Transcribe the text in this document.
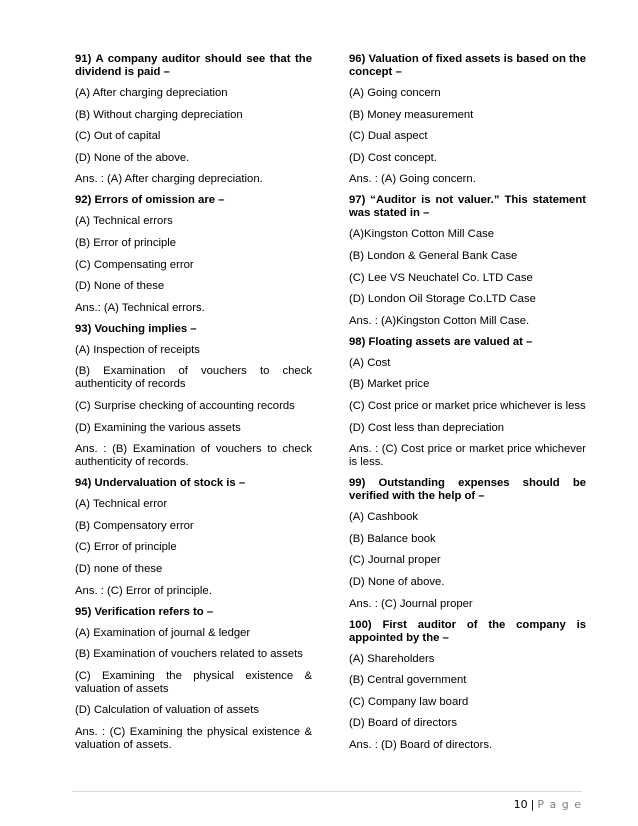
91) A company auditor should see that the dividend is paid –
(A) After charging depreciation
(B) Without charging depreciation
(C) Out of capital
(D) None of the above.
Ans. : (A) After charging depreciation.
92) Errors of omission are –
(A) Technical errors
(B) Error of principle
(C) Compensating error
(D) None of these
Ans.: (A) Technical errors.
93) Vouching implies –
(A) Inspection of receipts
(B) Examination of vouchers to check authenticity of records
(C) Surprise checking of accounting records
(D) Examining the various assets
Ans. : (B) Examination of vouchers to check authenticity of records.
94) Undervaluation of stock is –
(A) Technical error
(B) Compensatory error
(C) Error of principle
(D) none of these
Ans. : (C) Error of principle.
95) Verification refers to –
(A) Examination of journal & ledger
(B) Examination of vouchers related to assets
(C) Examining the physical existence & valuation of assets
(D) Calculation of valuation of assets
Ans. : (C) Examining the physical existence & valuation of assets.
96) Valuation of fixed assets is based on the concept –
(A) Going concern
(B) Money measurement
(C) Dual aspect
(D) Cost concept.
Ans. : (A) Going concern.
97) “Auditor is not valuer.” This statement was stated in –
(A)Kingston Cotton Mill Case
(B) London & General Bank Case
(C) Lee VS Neuchatel Co. LTD Case
(D) London Oil Storage Co.LTD Case
Ans. : (A)Kingston Cotton Mill Case.
98) Floating assets are valued at –
(A) Cost
(B) Market price
(C) Cost price or market price whichever is less
(D) Cost less than depreciation
Ans. : (C) Cost price or market price whichever is less.
99) Outstanding expenses should be verified with the help of –
(A) Cashbook
(B) Balance book
(C) Journal proper
(D) None of above.
Ans. : (C) Journal proper
100) First auditor of the company is appointed by the –
(A) Shareholders
(B) Central government
(C) Company law board
(D) Board of directors
Ans. : (D) Board of directors.
10 | P a g e
